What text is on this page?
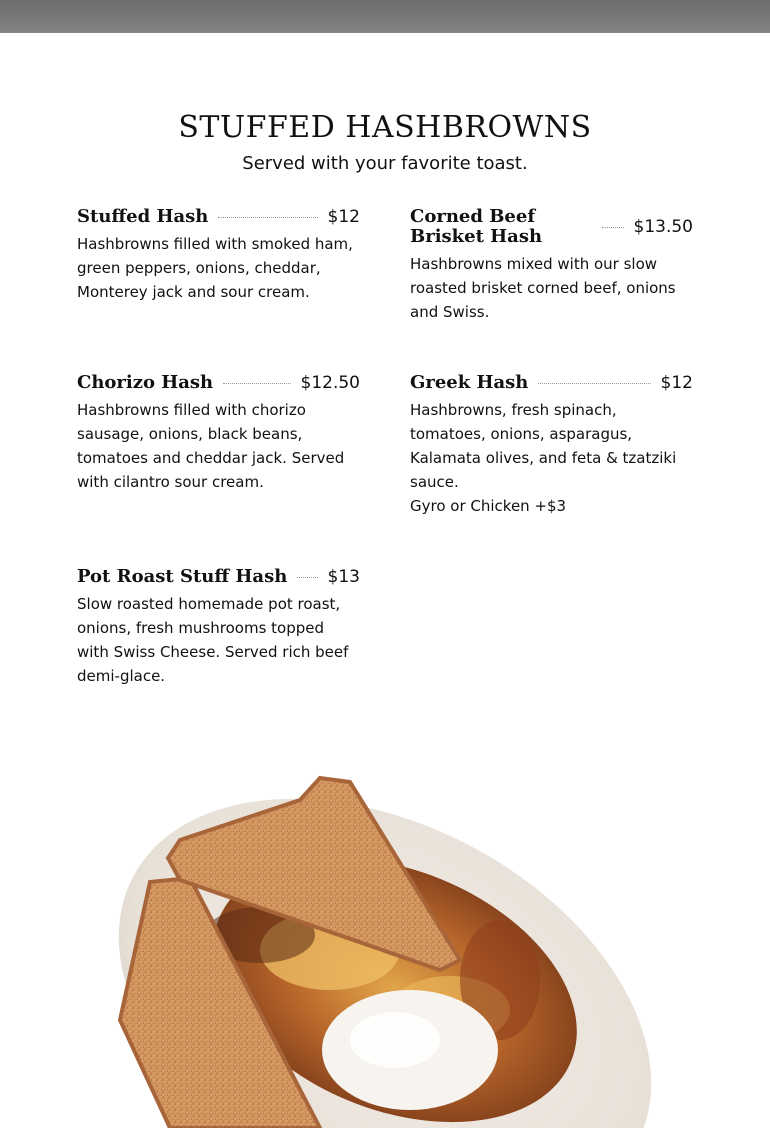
STUFFED HASHBROWNS

Served with your favorite toast.

Stuffed Hash	$12

Hashbrowns filled with smoked ham, green peppers, onions, cheddar, Monterey jack and sour cream.

Corned Beef Brisket Hash	$13.50

Hashbrowns mixed with our slow roasted brisket corned beef, onions and Swiss.

Chorizo Hash	$12.50

Hashbrowns filled with chorizo sausage, onions, black beans, tomatoes and cheddar jack. Served with cilantro sour cream.

Greek Hash	$12

Hashbrowns, fresh spinach, tomatoes, onions, asparagus, Kalamata olives, and feta & tzatziki sauce.

Gyro or Chicken +$3

Pot Roast Stuff Hash $13

Slow roasted homemade pot roast, onions, fresh mushrooms topped with Swiss Cheese. Served rich beef demi-glace.
